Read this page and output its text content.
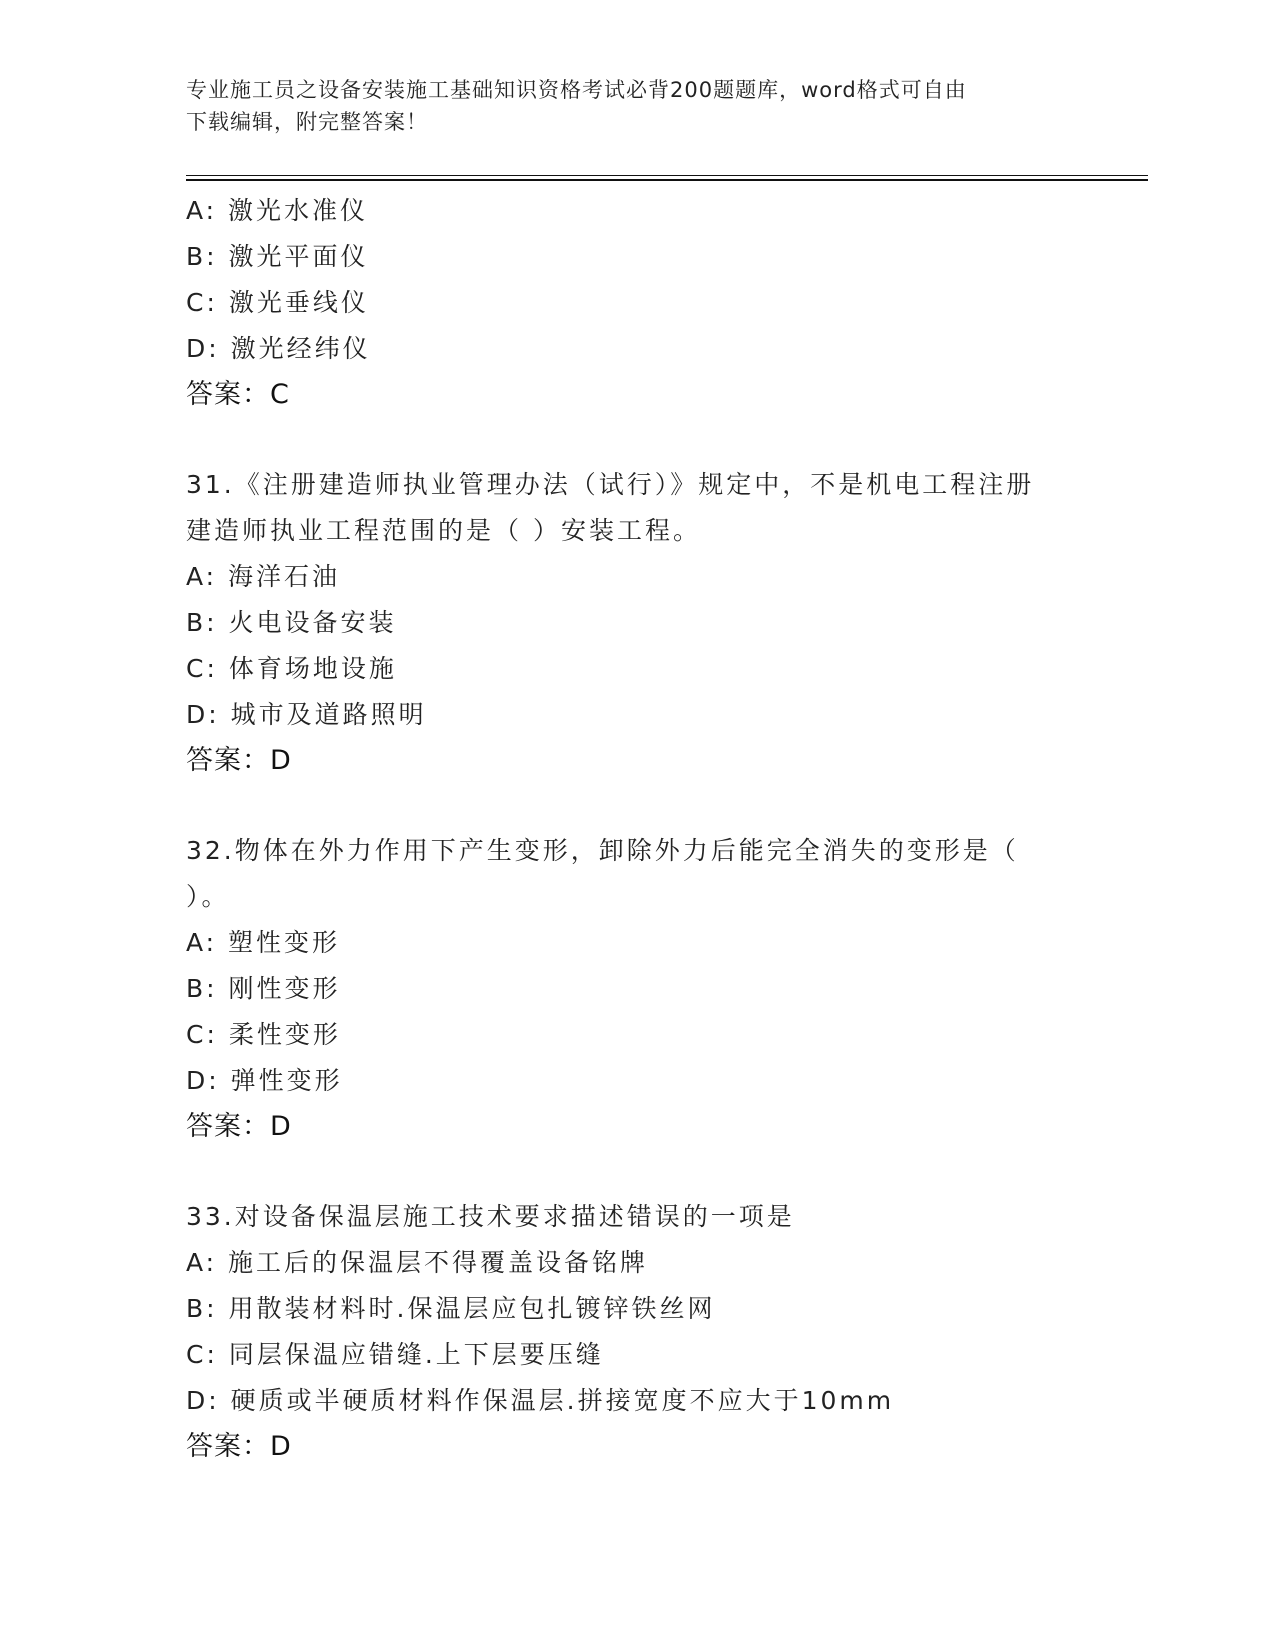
专业施工员之设备安装施工基础知识资格考试必背200题题库，word格式可自由
下载编辑，附完整答案！
A: 激光水准仪
B: 激光平面仪
C: 激光垂线仪
D: 激光经纬仪
答案：C
31.《注册建造师执业管理办法（试行）》规定中，不是机电工程注册
建造师执业工程范围的是（ ）安装工程。
A: 海洋石油
B: 火电设备安装
C: 体育场地设施
D: 城市及道路照明
答案：D
32.物体在外力作用下产生变形，卸除外力后能完全消失的变形是（
）。
A: 塑性变形
B: 刚性变形
C: 柔性变形
D: 弹性变形
答案：D
33.对设备保温层施工技术要求描述错误的一项是
A: 施工后的保温层不得覆盖设备铭牌
B: 用散装材料时.保温层应包扎镀锌铁丝网
C: 同层保温应错缝.上下层要压缝
D: 硬质或半硬质材料作保温层.拼接宽度不应大于10mm
答案：D
